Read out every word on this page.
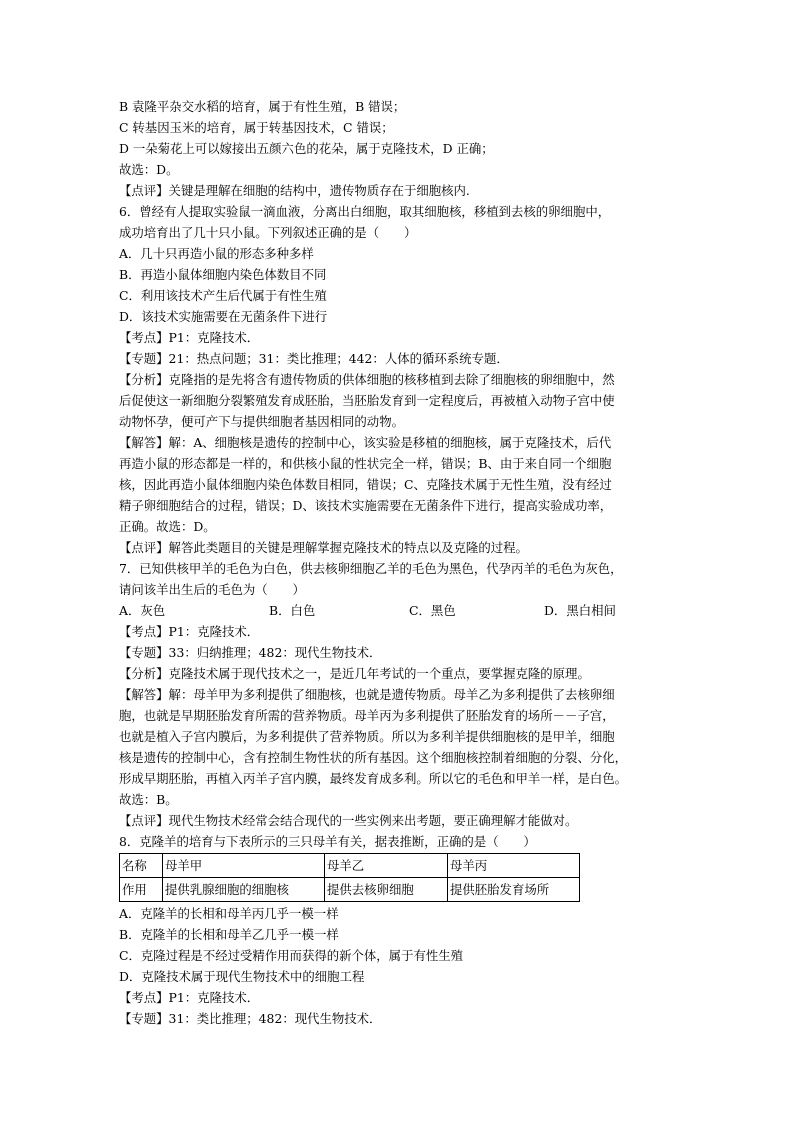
B 袁隆平杂交水稻的培育，属于有性生殖，B 错误；

C 转基因玉米的培育，属于转基因技术，C 错误；

D 一朵菊花上可以嫁接出五颜六色的花朵，属于克隆技术，D 正确；

故选：D。

【点评】关键是理解在细胞的结构中，遗传物质存在于细胞核内.

6．曾经有人提取实验鼠一滴血液，分离出白细胞，取其细胞核，移植到去核的卵细胞中，

成功培育出了几十只小鼠。下列叙述正确的是（　　）

A．几十只再造小鼠的形态多种多样

B．再造小鼠体细胞内染色体数目不同

C．利用该技术产生后代属于有性生殖

D．该技术实施需要在无菌条件下进行

【考点】P1：克隆技术．

【专题】21：热点问题；31：类比推理；442：人体的循环系统专题．

【分析】克隆指的是先将含有遗传物质的供体细胞的核移植到去除了细胞核的卵细胞中，然

后促使这一新细胞分裂繁殖发育成胚胎，当胚胎发育到一定程度后，再被植入动物子宫中使

动物怀孕，便可产下与提供细胞者基因相同的动物。

【解答】解：A、细胞核是遗传的控制中心，该实验是移植的细胞核，属于克隆技术，后代

再造小鼠的形态都是一样的，和供核小鼠的性状完全一样，错误；B、由于来自同一个细胞

核，因此再造小鼠体细胞内染色体数目相同，错误；C、克隆技术属于无性生殖，没有经过

精子卵细胞结合的过程，错误；D、该技术实施需要在无菌条件下进行，提高实验成功率，

正确。故选：D。

【点评】解答此类题目的关键是理解掌握克隆技术的特点以及克隆的过程。

7．已知供核甲羊的毛色为白色，供去核卵细胞乙羊的毛色为黑色，代孕丙羊的毛色为灰色，

请问该羊出生后的毛色为（　　）

A．灰色	B．白色	C．黑色	D．黑白相间

【考点】P1：克隆技术．

【专题】33：归纳推理；482：现代生物技术．

【分析】克隆技术属于现代技术之一，是近几年考试的一个重点，要掌握克隆的原理。

【解答】解：母羊甲为多利提供了细胞核，也就是遗传物质。母羊乙为多利提供了去核卵细

胞，也就是早期胚胎发育所需的营养物质。母羊丙为多利提供了胚胎发育的场所－－子宫，

也就是植入子宫内膜后，为多利提供了营养物质。所以为多利羊提供细胞核的是甲羊，细胞

核是遗传的控制中心，含有控制生物性状的所有基因。这个细胞核控制着细胞的分裂、分化，

形成早期胚胎，再植入丙羊子宫内膜，最终发育成多利。所以它的毛色和甲羊一样，是白色。

故选：B。

【点评】现代生物技术经常会结合现代的一些实例来出考题，要正确理解才能做对。

8．克隆羊的培育与下表所示的三只母羊有关，据表推断，正确的是（　　）

名称	母羊甲	母羊乙	母羊丙
作用	提供乳腺细胞的细胞核	提供去核卵细胞	提供胚胎发育场所

A．克隆羊的长相和母羊丙几乎一模一样

B．克隆羊的长相和母羊乙几乎一模一样

C．克隆过程是不经过受精作用而获得的新个体，属于有性生殖

D．克隆技术属于现代生物技术中的细胞工程

【考点】P1：克隆技术．

【专题】31：类比推理；482：现代生物技术．
